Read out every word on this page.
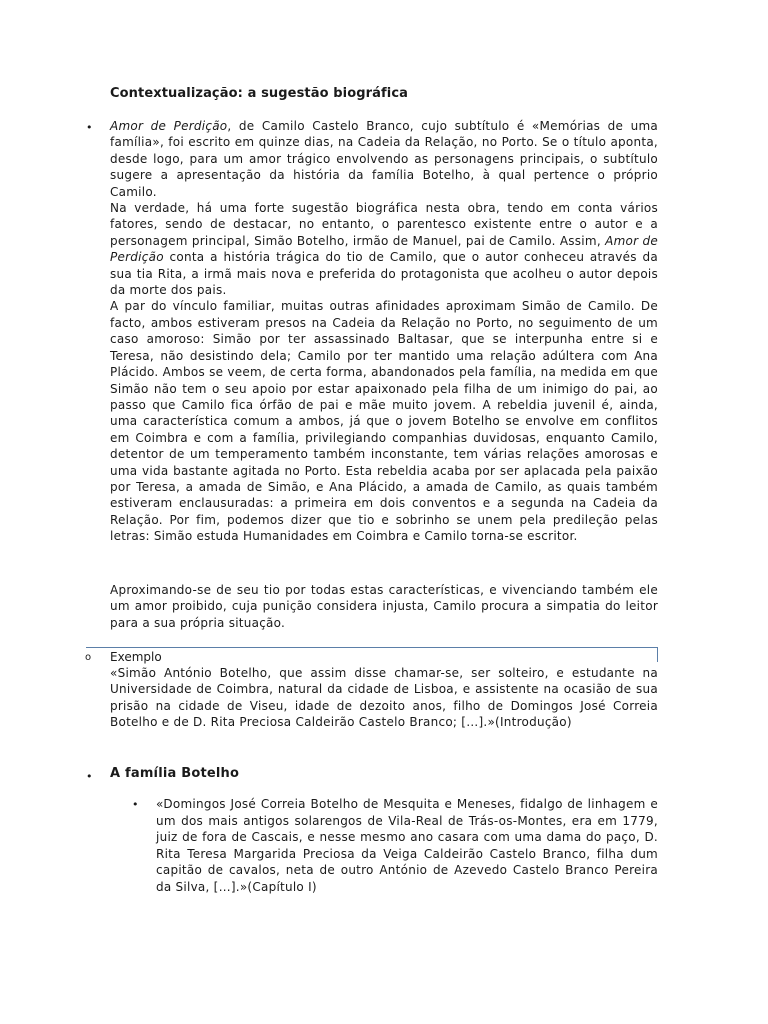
Contextualização: a sugestão biográfica
• Amor de Perdição, de Camilo Castelo Branco, cujo subtítulo é «Memórias de uma família», foi escrito em quinze dias, na Cadeia da Relação, no Porto. Se o título aponta, desde logo, para um amor trágico envolvendo as personagens principais, o subtítulo sugere a apresentação da história da família Botelho, à qual pertence o próprio Camilo.

Na verdade, há uma forte sugestão biográfica nesta obra, tendo em conta vários fatores, sendo de destacar, no entanto, o parentesco existente entre o autor e a personagem principal, Simão Botelho, irmão de Manuel, pai de Camilo. Assim, Amor de Perdição conta a história trágica do tio de Camilo, que o autor conheceu através da sua tia Rita, a irmã mais nova e preferida do protagonista que acolheu o autor depois da morte dos pais.

A par do vínculo familiar, muitas outras afinidades aproximam Simão de Camilo. De facto, ambos estiveram presos na Cadeia da Relação no Porto, no seguimento de um caso amoroso: Simão por ter assassinado Baltasar, que se interpunha entre si e Teresa, não desistindo dela; Camilo por ter mantido uma relação adúltera com Ana Plácido. Ambos se veem, de certa forma, abandonados pela família, na medida em que Simão não tem o seu apoio por estar apaixonado pela filha de um inimigo do pai, ao passo que Camilo fica órfão de pai e mãe muito jovem. A rebeldia juvenil é, ainda, uma característica comum a ambos, já que o jovem Botelho se envolve em conflitos em Coimbra e com a família, privilegiando companhias duvidosas, enquanto Camilo, detentor de um temperamento também inconstante, tem várias relações amorosas e uma vida bastante agitada no Porto. Esta rebeldia acaba por ser aplacada pela paixão por Teresa, a amada de Simão, e Ana Plácido, a amada de Camilo, as quais também estiveram enclausuradas: a primeira em dois conventos e a segunda na Cadeia da Relação. Por fim, podemos dizer que tio e sobrinho se unem pela predileção pelas letras: Simão estuda Humanidades em Coimbra e Camilo torna-se escritor.

Aproximando-se de seu tio por todas estas características, e vivenciando também ele um amor proibido, cuja punição considera injusta, Camilo procura a simpatia do leitor para a sua própria situação.
o Exemplo
«Simão António Botelho, que assim disse chamar-se, ser solteiro, e estudante na Universidade de Coimbra, natural da cidade de Lisboa, e assistente na ocasião de sua prisão na cidade de Viseu, idade de dezoito anos, filho de Domingos José Correia Botelho e de D. Rita Preciosa Caldeirão Castelo Branco; […].»(Introdução)
• A família Botelho
• «Domingos José Correia Botelho de Mesquita e Meneses, fidalgo de linhagem e um dos mais antigos solarengos de Vila-Real de Trás-os-Montes, era em 1779, juiz de fora de Cascais, e nesse mesmo ano casara com uma dama do paço, D. Rita Teresa Margarida Preciosa da Veiga Caldeirão Castelo Branco, filha dum capitão de cavalos, neta de outro António de Azevedo Castelo Branco Pereira da Silva, […].»(Capítulo I)
